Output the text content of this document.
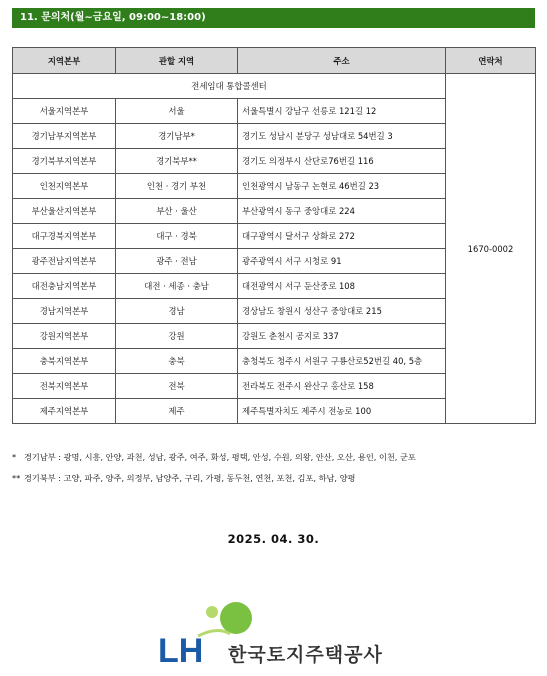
11. 문의처(월~금요일, 09:00~18:00)
지역본부	관할 지역	주소	연락처
전세임대 통합콜센터			1670-0002
서울지역본부	서울	서울특별시 강남구 선릉로 121길 12	
경기남부지역본부	경기남부*	경기도 성남시 분당구 성남대로 54번길 3	
경기북부지역본부	경기북부**	경기도 의정부시 산단로76번길 116	
인천지역본부	인천 · 경기 부천	인천광역시 남동구 논현로 46번길 23	
부산울산지역본부	부산 · 울산	부산광역시 동구 중앙대로 224	
대구경북지역본부	대구 · 경북	대구광역시 달서구 상화로 272	
광주전남지역본부	광주 · 전남	광주광역시 서구 시청로 91	
대전충남지역본부	대전 · 세종 · 충남	대전광역시 서구 둔산중로 108	
경남지역본부	경남	경상남도 창원시 성산구 중앙대로 215	
강원지역본부	강원	강원도 춘천시 공지로 337	
충북지역본부	충북	충청북도 청주시 서원구 구룡산로52번길 40, 5층	
전북지역본부	전북	전라북도 전주시 완산구 홍산로 158	
제주지역본부	제주	제주특별자치도 제주시 전농로 100	
* 경기남부 : 광명, 시흥, 안양, 과천, 성남, 광주, 여주, 화성, 평택, 안성, 수원, 의왕, 안산, 오산, 용인, 이천, 군포
** 경기북부 : 고양, 파주, 양주, 의정부, 남양주, 구리, 가평, 동두천, 연천, 포천, 김포, 하남, 양평
2025. 04. 30.
LH 한국토지주택공사
